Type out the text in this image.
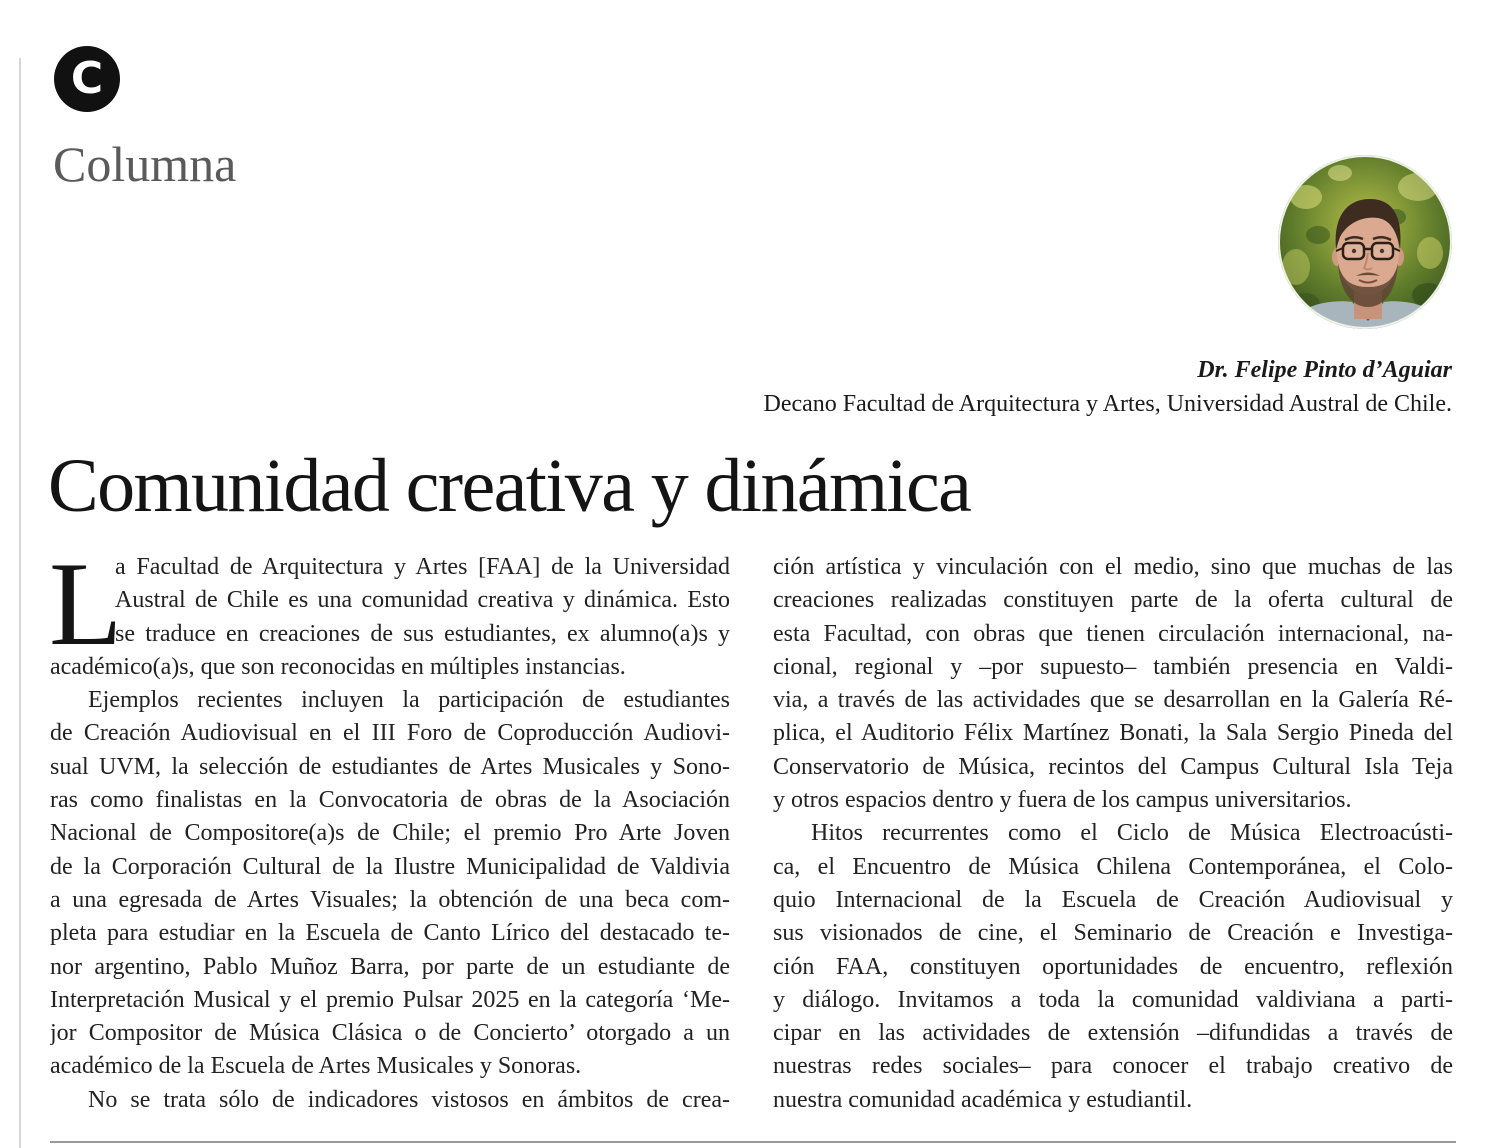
C
Columna
Dr. Felipe Pinto d’Aguiar
Decano Facultad de Arquitectura y Artes, Universidad Austral de Chile.
Comunidad creativa y dinámica
L
a Facultad de Arquitectura y Artes [FAA] de la Universidad
Austral de Chile es una comunidad creativa y dinámica. Esto
se traduce en creaciones de sus estudiantes, ex alumno(a)s y
académico(a)s, que son reconocidas en múltiples instancias.
Ejemplos recientes incluyen la participación de estudiantes
de Creación Audiovisual en el III Foro de Coproducción Audiovi-
sual UVM, la selección de estudiantes de Artes Musicales y Sono-
ras como finalistas en la Convocatoria de obras de la Asociación
Nacional de Compositore(a)s de Chile; el premio Pro Arte Joven
de la Corporación Cultural de la Ilustre Municipalidad de Valdivia
a una egresada de Artes Visuales; la obtención de una beca com-
pleta para estudiar en la Escuela de Canto Lírico del destacado te-
nor argentino, Pablo Muñoz Barra, por parte de un estudiante de
Interpretación Musical y el premio Pulsar 2025 en la categoría ‘Me-
jor Compositor de Música Clásica o de Concierto’ otorgado a un
académico de la Escuela de Artes Musicales y Sonoras.
No se trata sólo de indicadores vistosos en ámbitos de crea-
ción artística y vinculación con el medio, sino que muchas de las
creaciones realizadas constituyen parte de la oferta cultural de
esta Facultad, con obras que tienen circulación internacional, na-
cional, regional y –por supuesto– también presencia en Valdi-
via, a través de las actividades que se desarrollan en la Galería Ré-
plica, el Auditorio Félix Martínez Bonati, la Sala Sergio Pineda del
Conservatorio de Música, recintos del Campus Cultural Isla Teja
y otros espacios dentro y fuera de los campus universitarios.
Hitos recurrentes como el Ciclo de Música Electroacústi-
ca, el Encuentro de Música Chilena Contemporánea, el Colo-
quio Internacional de la Escuela de Creación Audiovisual y
sus visionados de cine, el Seminario de Creación e Investiga-
ción FAA, constituyen oportunidades de encuentro, reflexión
y diálogo. Invitamos a toda la comunidad valdiviana a parti-
cipar en las actividades de extensión –difundidas a través de
nuestras redes sociales– para conocer el trabajo creativo de
nuestra comunidad académica y estudiantil.
